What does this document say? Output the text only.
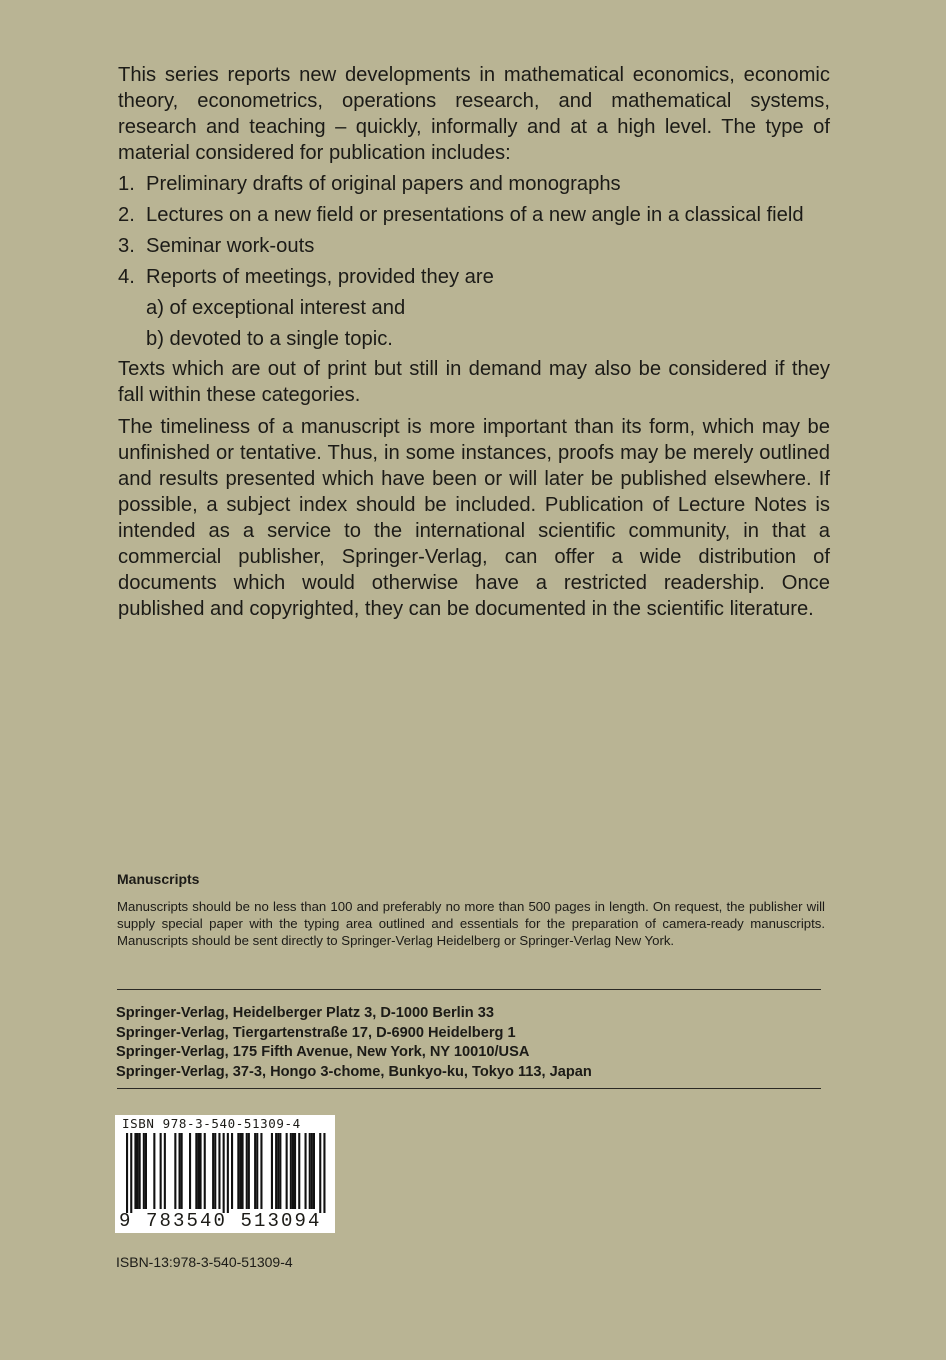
This series reports new developments in mathematical economics, economic theory, econometrics, operations research, and mathematical systems, research and teaching – quickly, informally and at a high level. The type of material considered for publication includes:

1. Preliminary drafts of original papers and monographs
2. Lectures on a new field or presentations of a new angle in a classical field
3. Seminar work-outs
4. Reports of meetings, provided they are
a) of exceptional interest and
b) devoted to a single topic.

Texts which are out of print but still in demand may also be considered if they fall within these categories.

The timeliness of a manuscript is more important than its form, which may be unfinished or tentative. Thus, in some instances, proofs may be merely outlined and results presented which have been or will later be published elsewhere. If possible, a subject index should be included. Publication of Lecture Notes is intended as a service to the international scientific community, in that a commercial publisher, Springer-Verlag, can offer a wide distribution of documents which would otherwise have a restricted readership. Once published and copyrighted, they can be documented in the scientific literature.

Manuscripts

Manuscripts should be no less than 100 and preferably no more than 500 pages in length. On request, the publisher will supply special paper with the typing area outlined and essentials for the preparation of camera-ready manuscripts. Manuscripts should be sent directly to Springer-Verlag Heidelberg or Springer-Verlag New York.

Springer-Verlag, Heidelberger Platz 3, D-1000 Berlin 33
Springer-Verlag, Tiergartenstraße 17, D-6900 Heidelberg 1
Springer-Verlag, 175 Fifth Avenue, New York, NY 10010/USA
Springer-Verlag, 37-3, Hongo 3-chome, Bunkyo-ku, Tokyo 113, Japan
ISBN 978-3-540-51309-4
9 783540 513094
ISBN-13:978-3-540-51309-4
